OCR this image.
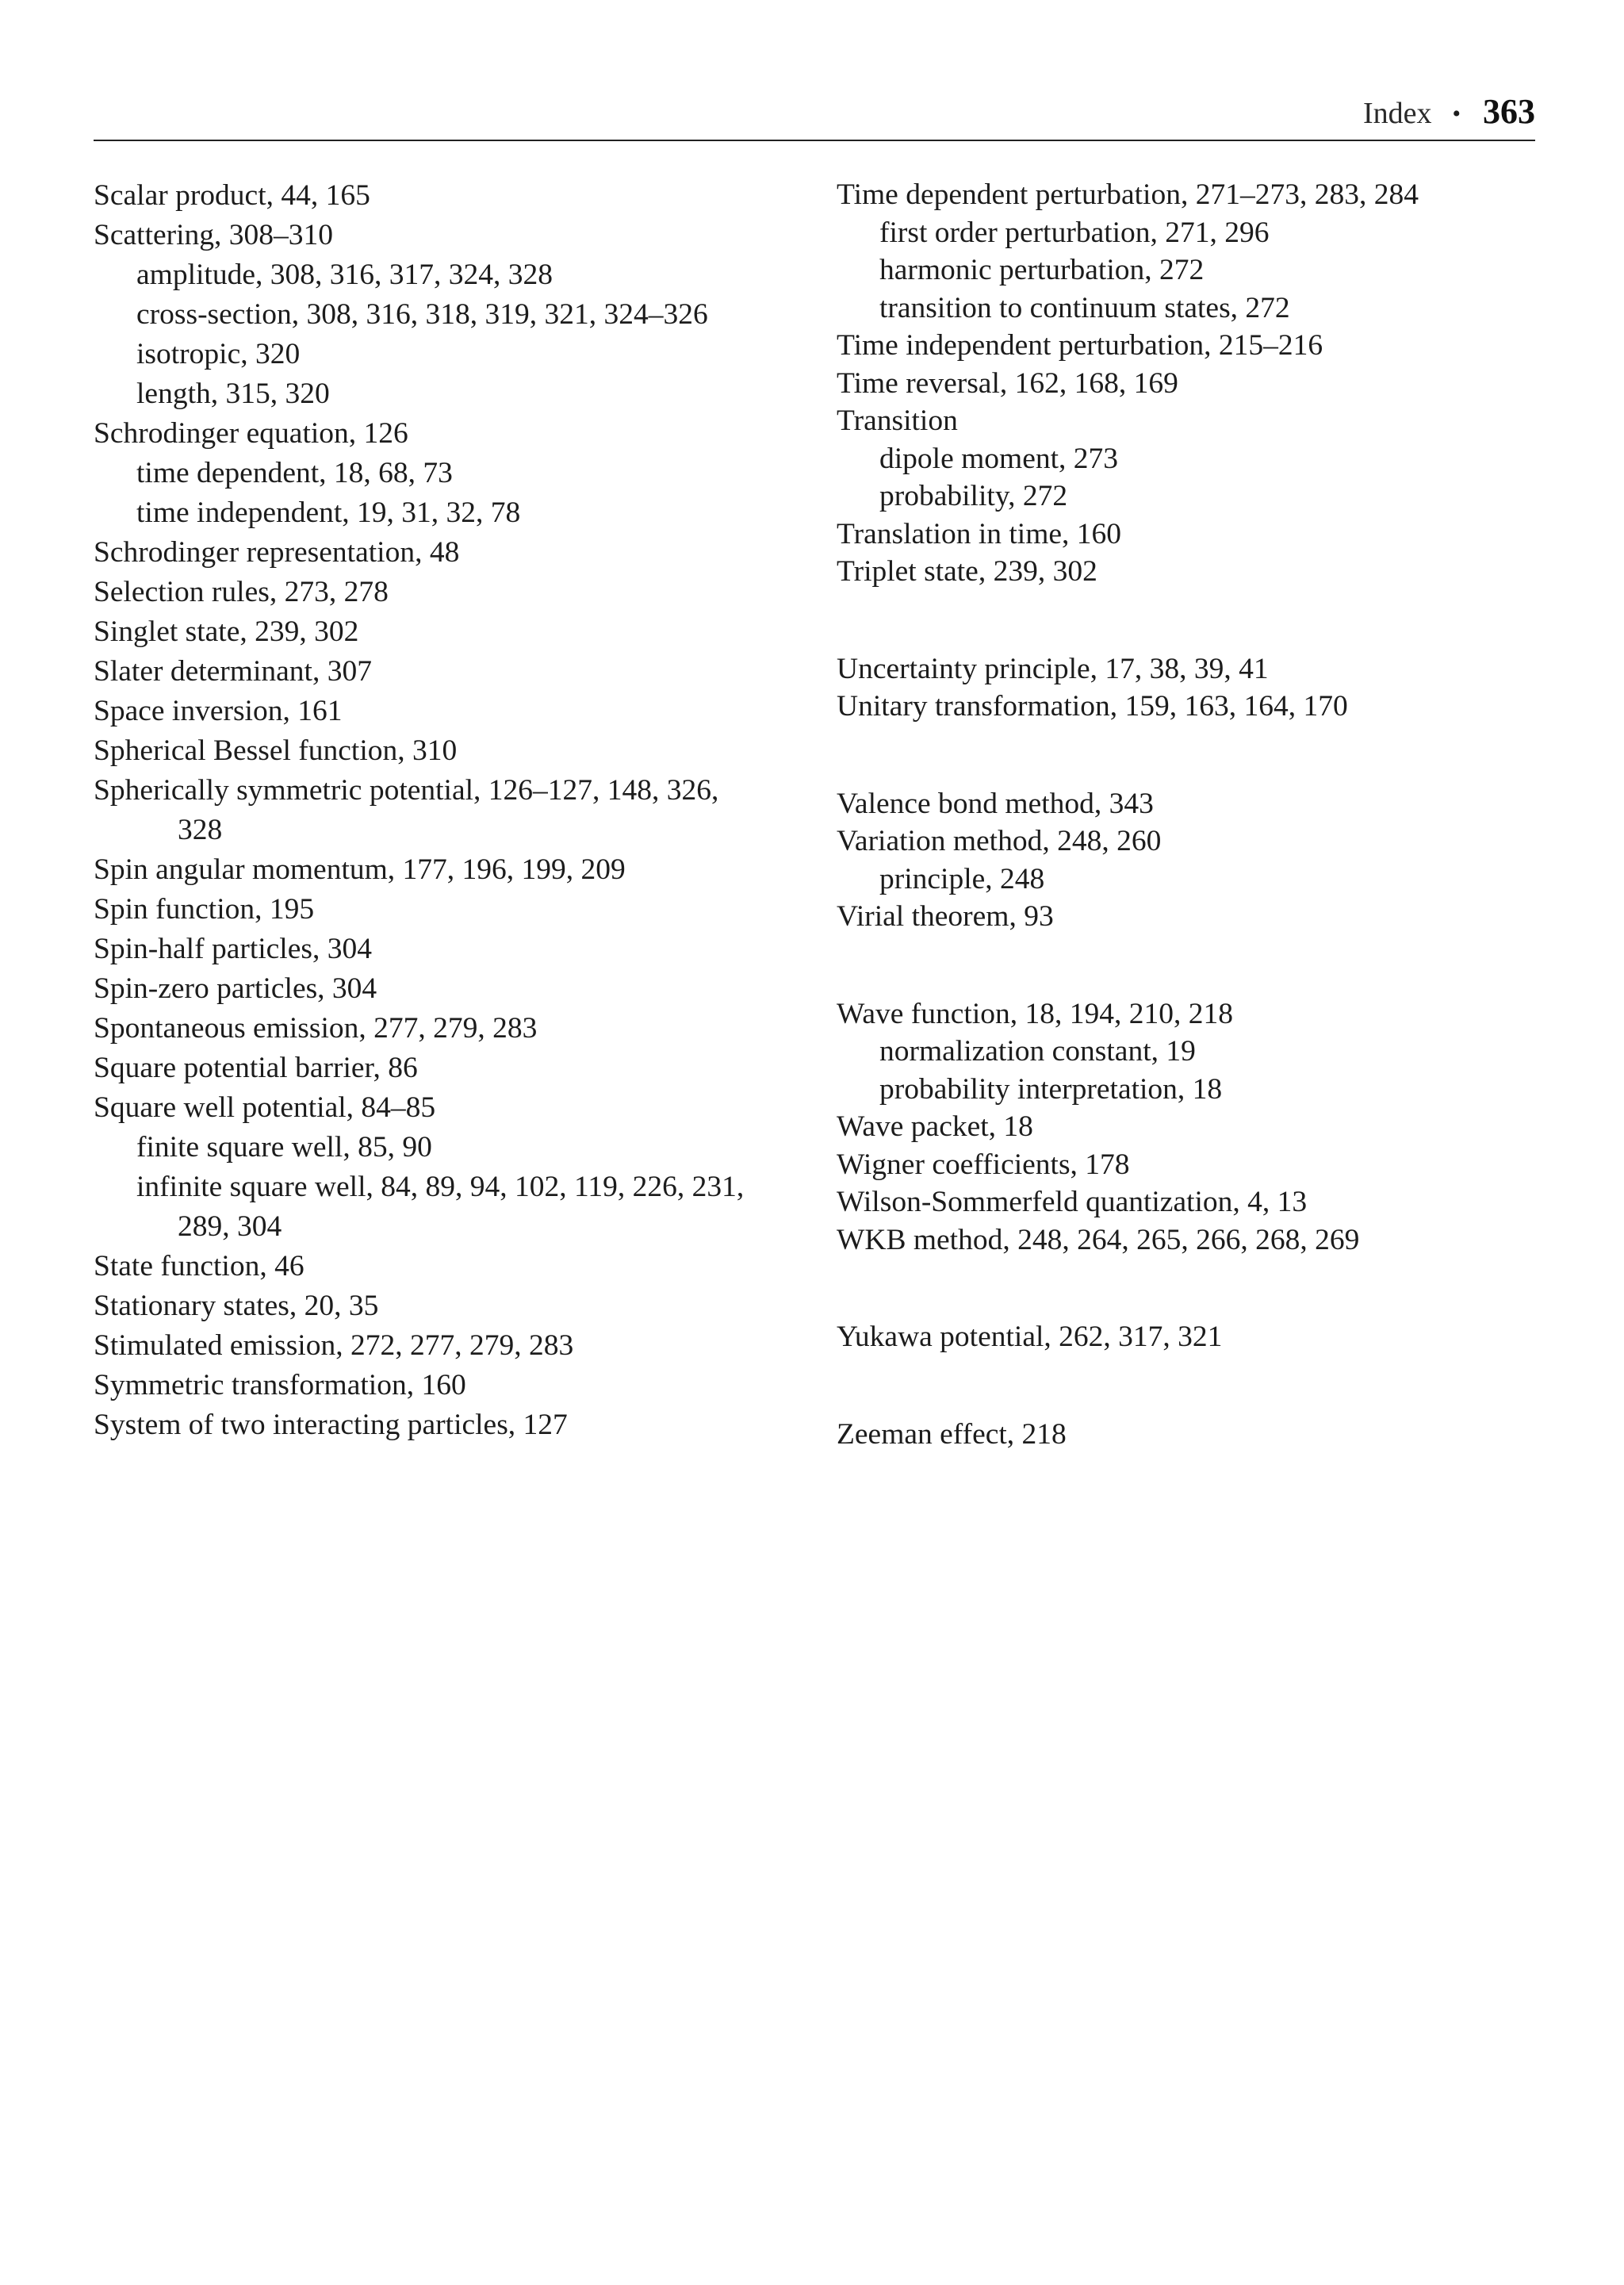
Index • 363
Scalar product, 44, 165
Scattering, 308–310
amplitude, 308, 316, 317, 324, 328
cross-section, 308, 316, 318, 319, 321, 324–326
isotropic, 320
length, 315, 320
Schrodinger equation, 126
time dependent, 18, 68, 73
time independent, 19, 31, 32, 78
Schrodinger representation, 48
Selection rules, 273, 278
Singlet state, 239, 302
Slater determinant, 307
Space inversion, 161
Spherical Bessel function, 310
Spherically symmetric potential, 126–127, 148, 326,
328
Spin angular momentum, 177, 196, 199, 209
Spin function, 195
Spin-half particles, 304
Spin-zero particles, 304
Spontaneous emission, 277, 279, 283
Square potential barrier, 86
Square well potential, 84–85
finite square well, 85, 90
infinite square well, 84, 89, 94, 102, 119, 226, 231,
289, 304
State function, 46
Stationary states, 20, 35
Stimulated emission, 272, 277, 279, 283
Symmetric transformation, 160
System of two interacting particles, 127
Time dependent perturbation, 271–273, 283, 284
first order perturbation, 271, 296
harmonic perturbation, 272
transition to continuum states, 272
Time independent perturbation, 215–216
Time reversal, 162, 168, 169
Transition
dipole moment, 273
probability, 272
Translation in time, 160
Triplet state, 239, 302
Uncertainty principle, 17, 38, 39, 41
Unitary transformation, 159, 163, 164, 170
Valence bond method, 343
Variation method, 248, 260
principle, 248
Virial theorem, 93
Wave function, 18, 194, 210, 218
normalization constant, 19
probability interpretation, 18
Wave packet, 18
Wigner coefficients, 178
Wilson-Sommerfeld quantization, 4, 13
WKB method, 248, 264, 265, 266, 268, 269
Yukawa potential, 262, 317, 321
Zeeman effect, 218
